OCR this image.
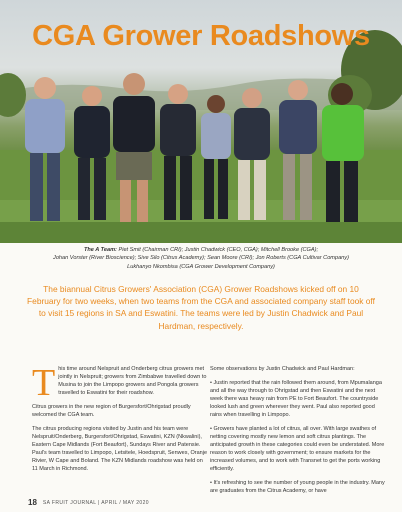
CGA Grower Roadshows
The A Team: Piet Smit (Chairman CRI); Justin Chadwick (CEO, CGA); Mitchell Brooke (CGA);
Johan Vorster (River Bioscience); Sive Silo (Citrus Academy); Sean Moore (CRI); Jon Roberts (CGA Cultivar Company)
Lukhanyo Nkombisa (CGA Grower Development Company)
The biannual Citrus Growers' Association (CGA) Grower Roadshows kicked off on 10 February for two weeks, when two teams from the CGA and associated company staff took off to visit 15 regions in SA and Eswatini. The teams were led by Justin Chadwick and Paul Hardman, respectively.

This time around Nelspruit and Onderberg citrus growers met jointly in Nelspruit; growers from Zimbabwe travelled down to Musina to join the Limpopo growers and Pongola growers travelled to Eswatini for their roadshow.

Citrus growers in the new region of Burgersfort/Ohrigstad proudly welcomed the CGA team.

The citrus producing regions visited by Justin and his team were Nelspruit/Onderberg, Burgersfort/Ohrigstad, Eswatini, KZN (Nkwalini), Eastern Cape Midlands (Fort Beaufort), Sundays River and Patensie. Paul's team travelled to Limpopo, Letsitele, Hoedspruit, Senwes, Oranje Rivier, W Cape and Boland. The KZN Midlands roadshow was held on 11 March in Richmond.

Some observations by Justin Chadwick and Paul Hardman:

• Justin reported that the rain followed them around, from Mpumalanga and all the way through to Ohrigstad and then Eswatini and the next week there was heavy rain from PE to Fort Beaufort. The countryside looked lush and green wherever they went. Paul also reported good rains when travelling in Limpopo.

• Growers have planted a lot of citrus, all over. With large swathes of netting covering mostly new lemon and soft citrus plantings. The anticipated growth in these categories could even be understated. More reason to work closely with government; to ensure markets for the increased volumes, and to work with Transnet to get the ports working efficiently.

• It's refreshing to see the number of young people in the industry. Many are graduates from the Citrus Academy, or have

18 SA FRUIT JOURNAL | APRIL / MAY 2020
